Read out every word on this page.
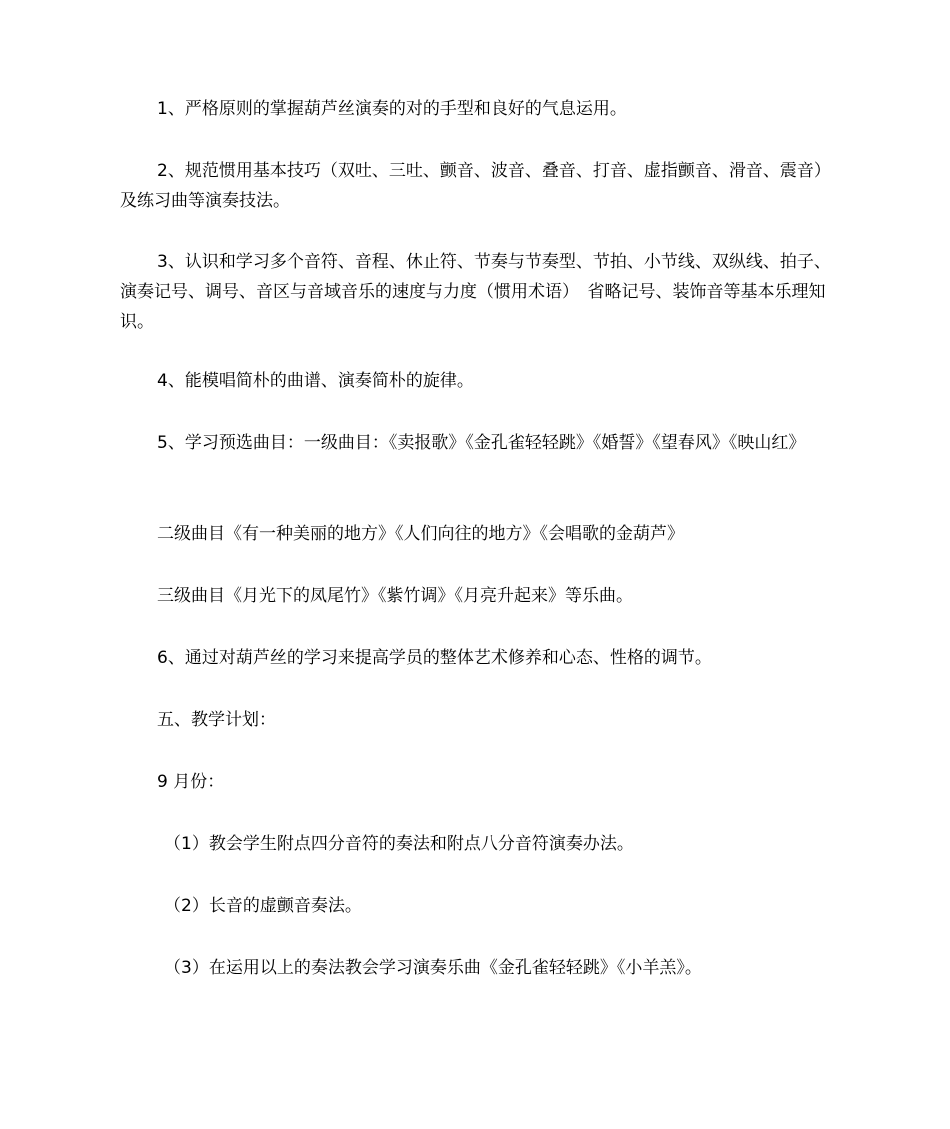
1、严格原则的掌握葫芦丝演奏的对的手型和良好的气息运用。

2、规范惯用基本技巧（双吐、三吐、颤音、波音、叠音、打音、虚指颤音、滑音、震音）及练习曲等演奏技法。

3、认识和学习多个音符、音程、休止符、节奏与节奏型、节拍、小节线、双纵线、拍子、演奏记号、调号、音区与音域音乐的速度与力度（惯用术语）　省略记号、装饰音等基本乐理知识。

4、能模唱简朴的曲谱、演奏简朴的旋律。

5、学习预选曲目：一级曲目：《卖报歌》《金孔雀轻轻跳》《婚誓》《望春风》《映山红》

二级曲目《有一种美丽的地方》《人们向往的地方》《会唱歌的金葫芦》

三级曲目《月光下的凤尾竹》《紫竹调》《月亮升起来》等乐曲。

6、通过对葫芦丝的学习来提高学员的整体艺术修养和心态、性格的调节。

五、教学计划：

9 月份：

（1）教会学生附点四分音符的奏法和附点八分音符演奏办法。

（2）长音的虚颤音奏法。

（3）在运用以上的奏法教会学习演奏乐曲《金孔雀轻轻跳》《小羊羔》。
